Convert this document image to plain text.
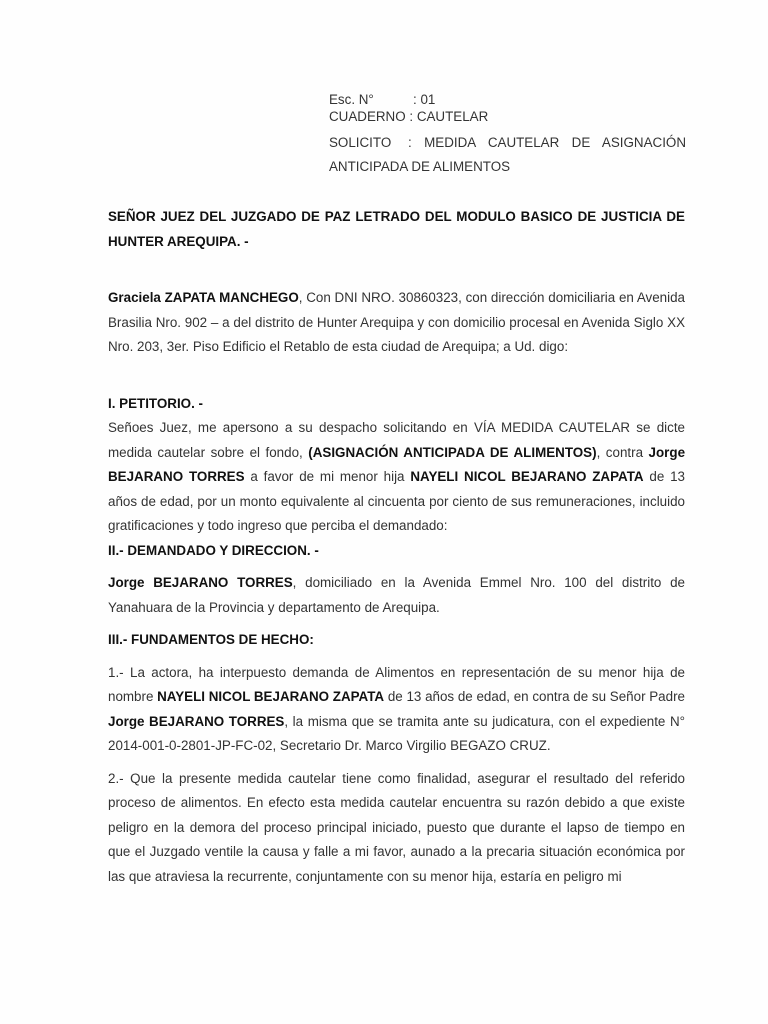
Esc. N°	: 01
CUADERNO : CAUTELAR
SOLICITO : MEDIDA CAUTELAR DE ASIGNACIÓN ANTICIPADA DE ALIMENTOS

SEÑOR JUEZ DEL JUZGADO DE PAZ LETRADO DEL MODULO BASICO DE JUSTICIA DE HUNTER AREQUIPA. -

Graciela ZAPATA MANCHEGO, Con DNI NRO. 30860323, con dirección domiciliaria en Avenida Brasilia Nro. 902 – a del distrito de Hunter Arequipa y con domicilio procesal en Avenida Siglo XX Nro. 203, 3er. Piso Edificio el Retablo de esta ciudad de Arequipa; a Ud. digo:

I. PETITORIO. -

Señoes Juez, me apersono a su despacho solicitando en VÍA MEDIDA CAUTELAR se dicte medida cautelar sobre el fondo, (ASIGNACIÓN ANTICIPADA DE ALIMENTOS), contra Jorge BEJARANO TORRES a favor de mi menor hija NAYELI NICOL BEJARANO ZAPATA de 13 años de edad, por un monto equivalente al cincuenta por ciento de sus remuneraciones, incluido gratificaciones y todo ingreso que perciba el demandado:

II.- DEMANDADO Y DIRECCION. -

Jorge BEJARANO TORRES, domiciliado en la Avenida Emmel Nro. 100 del distrito de Yanahuara de la Provincia y departamento de Arequipa.

III.- FUNDAMENTOS DE HECHO:

1.- La actora, ha interpuesto demanda de Alimentos en representación de su menor hija de nombre NAYELI NICOL BEJARANO ZAPATA de 13 años de edad, en contra de su Señor Padre Jorge BEJARANO TORRES, la misma que se tramita ante su judicatura, con el expediente N° 2014-001-0-2801-JP-FC-02, Secretario Dr. Marco Virgilio BEGAZO CRUZ.

2.- Que la presente medida cautelar tiene como finalidad, asegurar el resultado del referido proceso de alimentos. En efecto esta medida cautelar encuentra su razón debido a que existe peligro en la demora del proceso principal iniciado, puesto que durante el lapso de tiempo en que el Juzgado ventile la causa y falle a mi favor, aunado a la precaria situación económica por las que atraviesa la recurrente, conjuntamente con su menor hija, estaría en peligro mi
